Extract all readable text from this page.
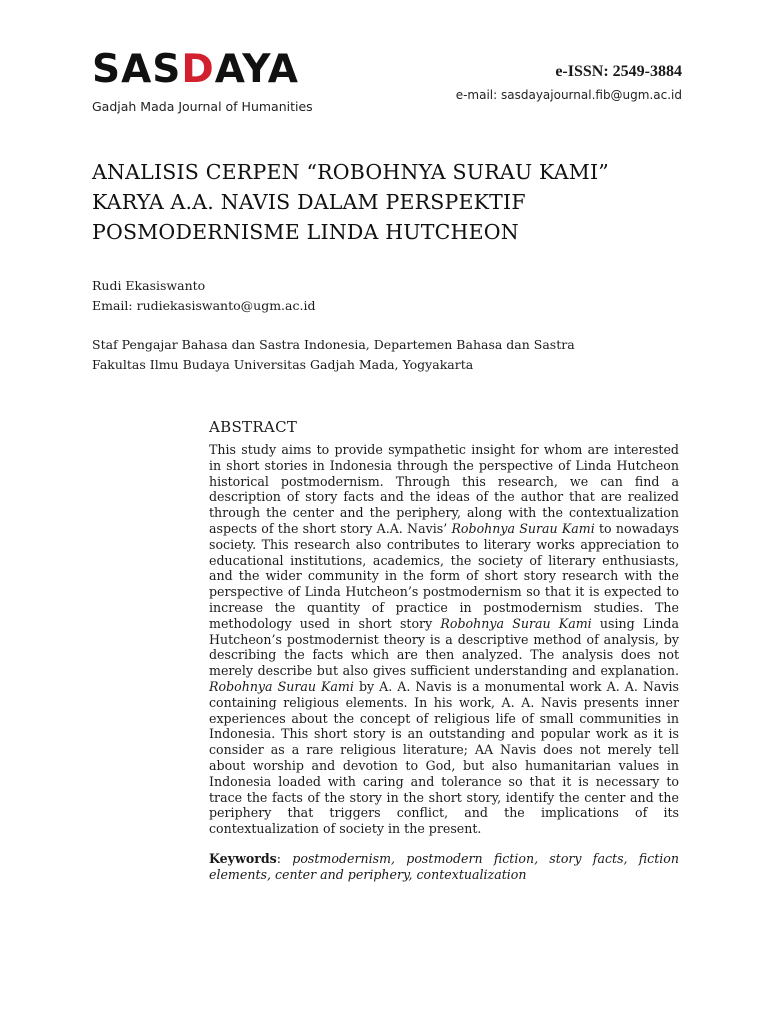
SASDAYA
Gadjah Mada Journal of Humanities
e-ISSN: 2549-3884
e-mail: sasdayajournal.fib@ugm.ac.id
ANALISIS CERPEN “ROBOHNYA SURAU KAMI”
KARYA A.A. NAVIS DALAM PERSPEKTIF
POSMODERNISME LINDA HUTCHEON
Rudi Ekasiswanto
Email: rudiekasiswanto@ugm.ac.id
Staf Pengajar Bahasa dan Sastra Indonesia, Departemen Bahasa dan Sastra
Fakultas Ilmu Budaya Universitas Gadjah Mada, Yogyakarta
ABSTRACT

This study aims to provide sympathetic insight for whom are interested in short stories in Indonesia through the perspective of Linda Hutcheon historical postmodernism. Through this research, we can find a description of story facts and the ideas of the author that are realized through the center and the periphery, along with the contextualization aspects of the short story A.A. Navis’ Robohnya Surau Kami to nowadays society. This research also contributes to literary works appreciation to educational institutions, academics, the society of literary enthusiasts, and the wider community in the form of short story research with the perspective of Linda Hutcheon’s postmodernism so that it is expected to increase the quantity of practice in postmodernism studies. The methodology used in short story Robohnya Surau Kami using Linda Hutcheon’s postmodernist theory is a descriptive method of analysis, by describing the facts which are then analyzed. The analysis does not merely describe but also gives sufficient understanding and explanation. Robohnya Surau Kami by A. A. Navis is a monumental work A. A. Navis containing religious elements. In his work, A. A. Navis presents inner experiences about the concept of religious life of small communities in Indonesia. This short story is an outstanding and popular work as it is consider as a rare religious literature; AA Navis does not merely tell about worship and devotion to God, but also humanitarian values in Indonesia loaded with caring and tolerance so that it is necessary to trace the facts of the story in the short story, identify the center and the periphery that triggers conflict, and the implications of its contextualization of society in the present.

Keywords: postmodernism, postmodern fiction, story facts, fiction elements, center and periphery, contextualization
